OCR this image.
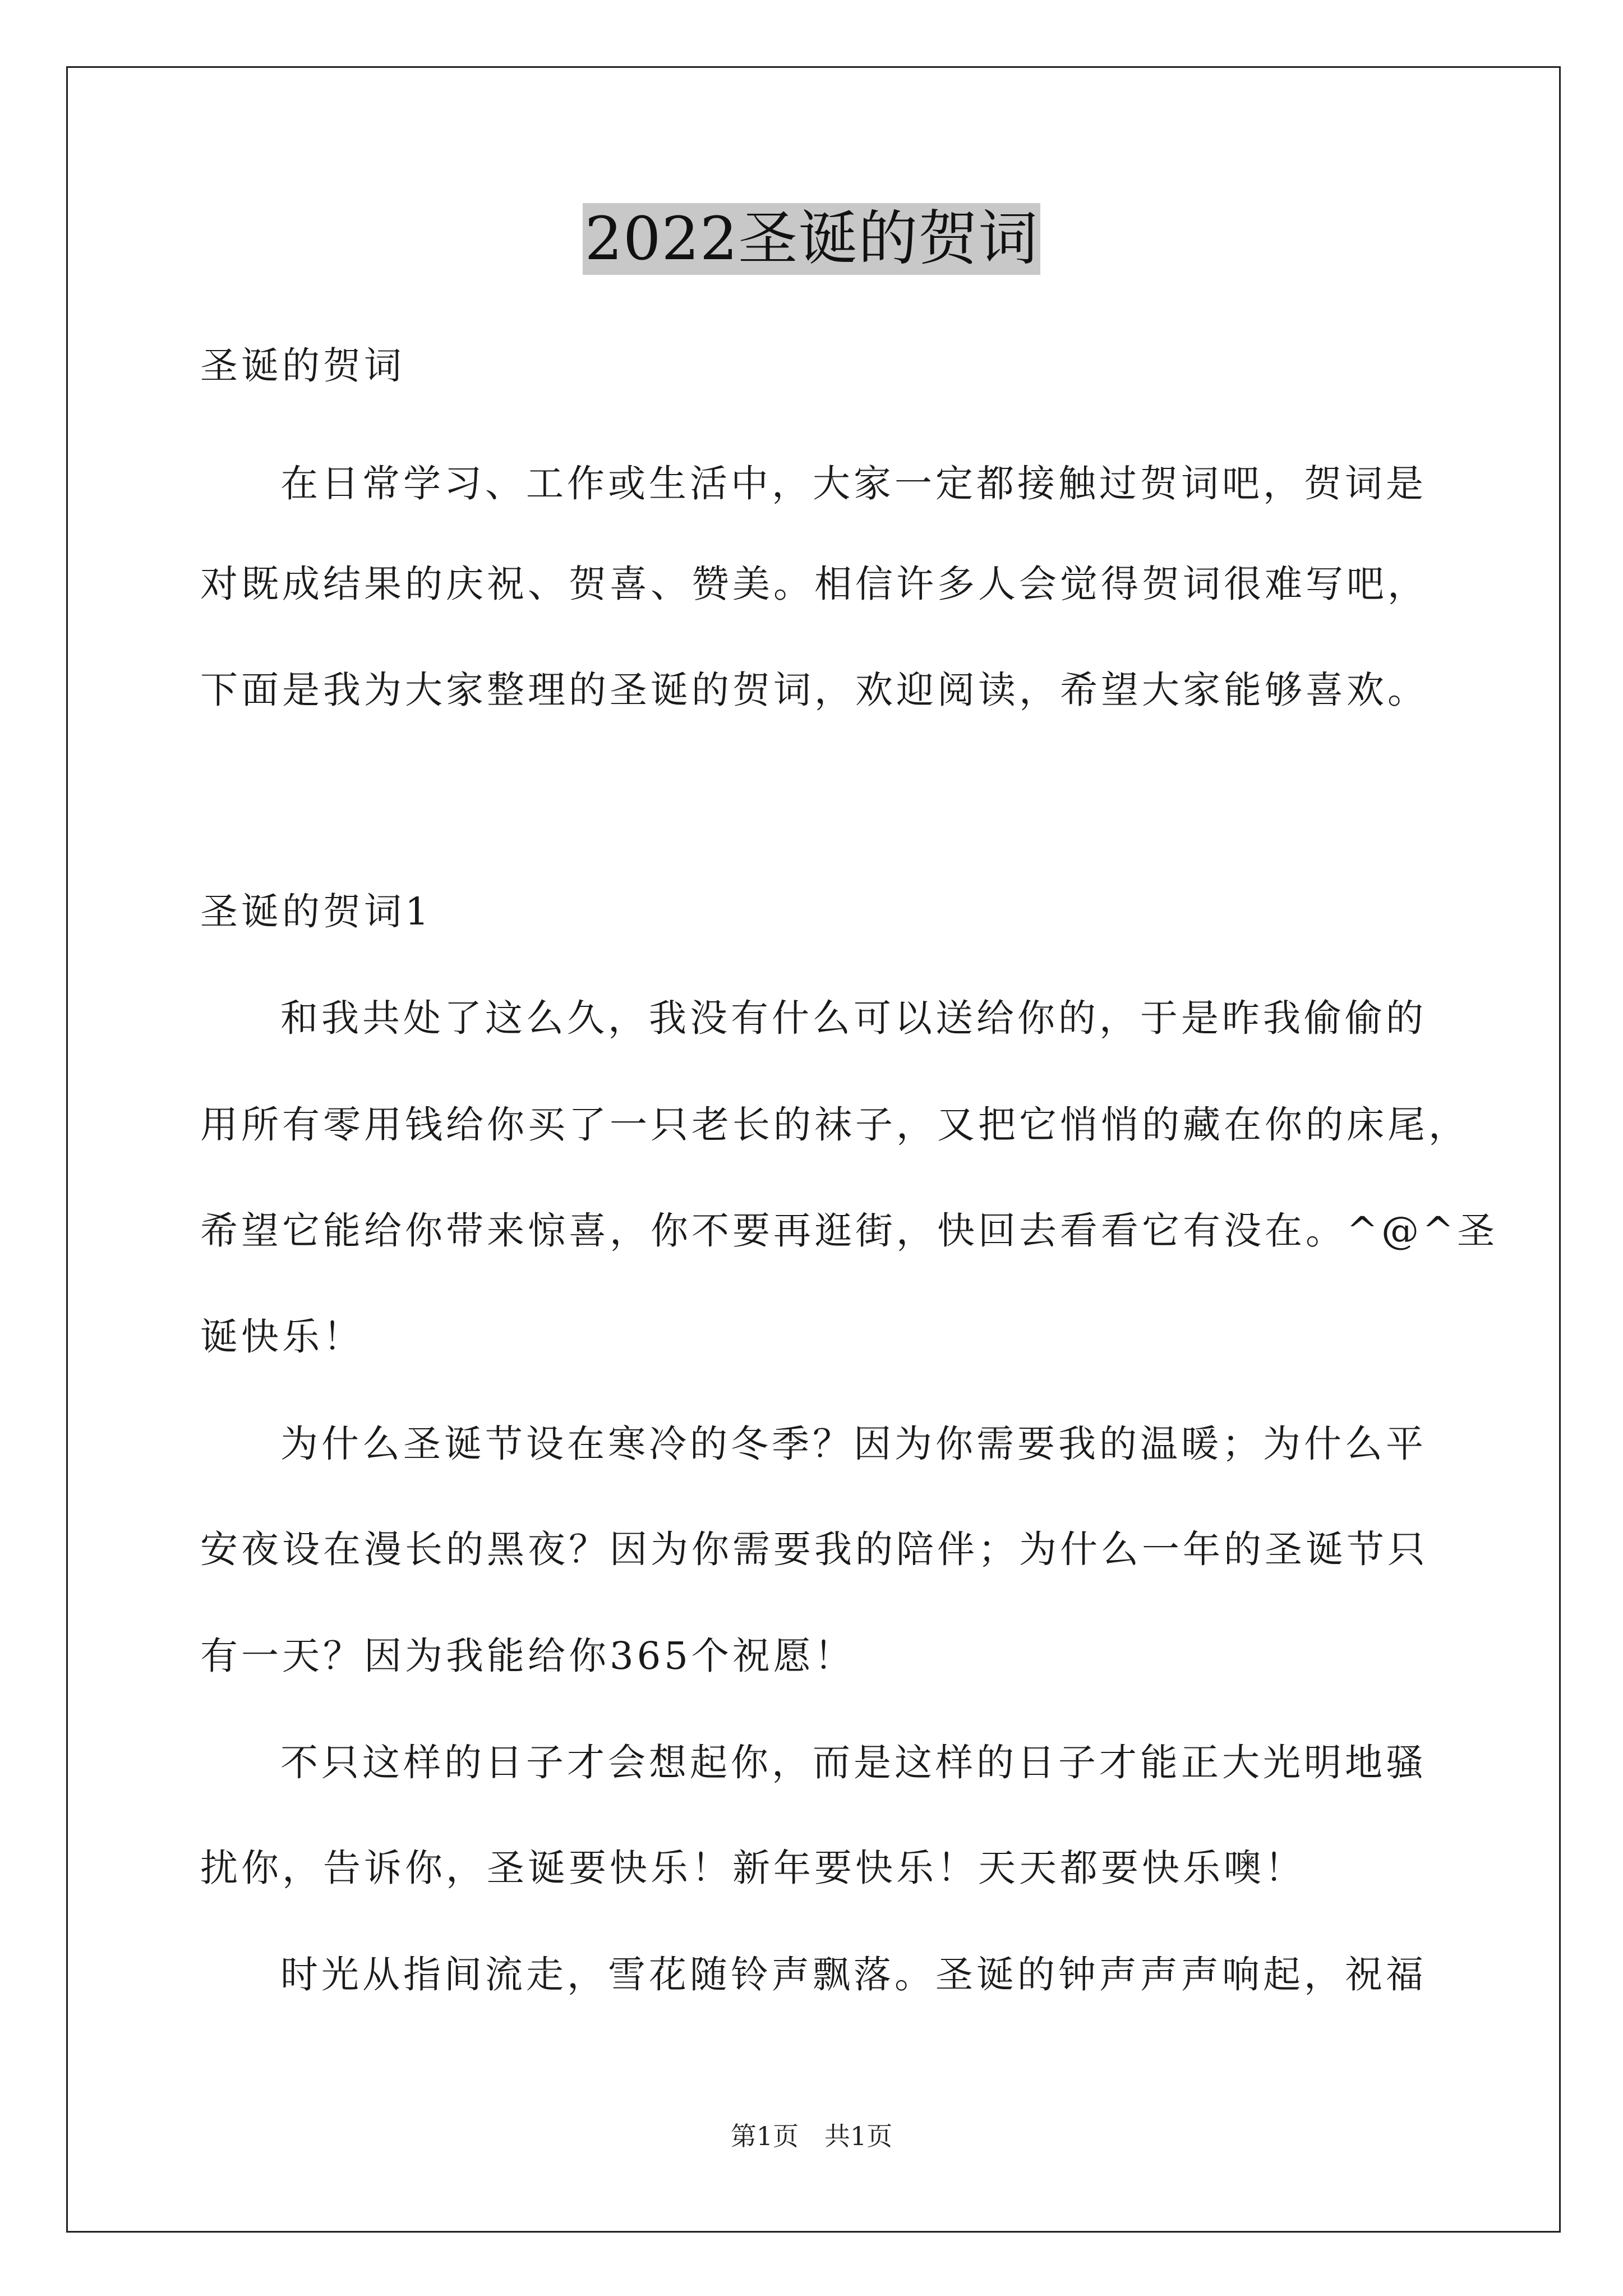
2022圣诞的贺词
圣诞的贺词
在日常学习、工作或生活中，大家一定都接触过贺词吧，贺词是
对既成结果的庆祝、贺喜、赞美。相信许多人会觉得贺词很难写吧，
下面是我为大家整理的圣诞的贺词，欢迎阅读，希望大家能够喜欢。
圣诞的贺词1
和我共处了这么久，我没有什么可以送给你的，于是昨我偷偷的
用所有零用钱给你买了一只老长的袜子，又把它悄悄的藏在你的床尾，
希望它能给你带来惊喜，你不要再逛街，快回去看看它有没在。^@^圣
诞快乐！
为什么圣诞节设在寒冷的冬季？因为你需要我的温暖；为什么平
安夜设在漫长的黑夜？因为你需要我的陪伴；为什么一年的圣诞节只
有一天？因为我能给你365个祝愿！
不只这样的日子才会想起你，而是这样的日子才能正大光明地骚
扰你，告诉你，圣诞要快乐！新年要快乐！天天都要快乐噢！
时光从指间流走，雪花随铃声飘落。圣诞的钟声声声响起，祝福
第1页　共1页
